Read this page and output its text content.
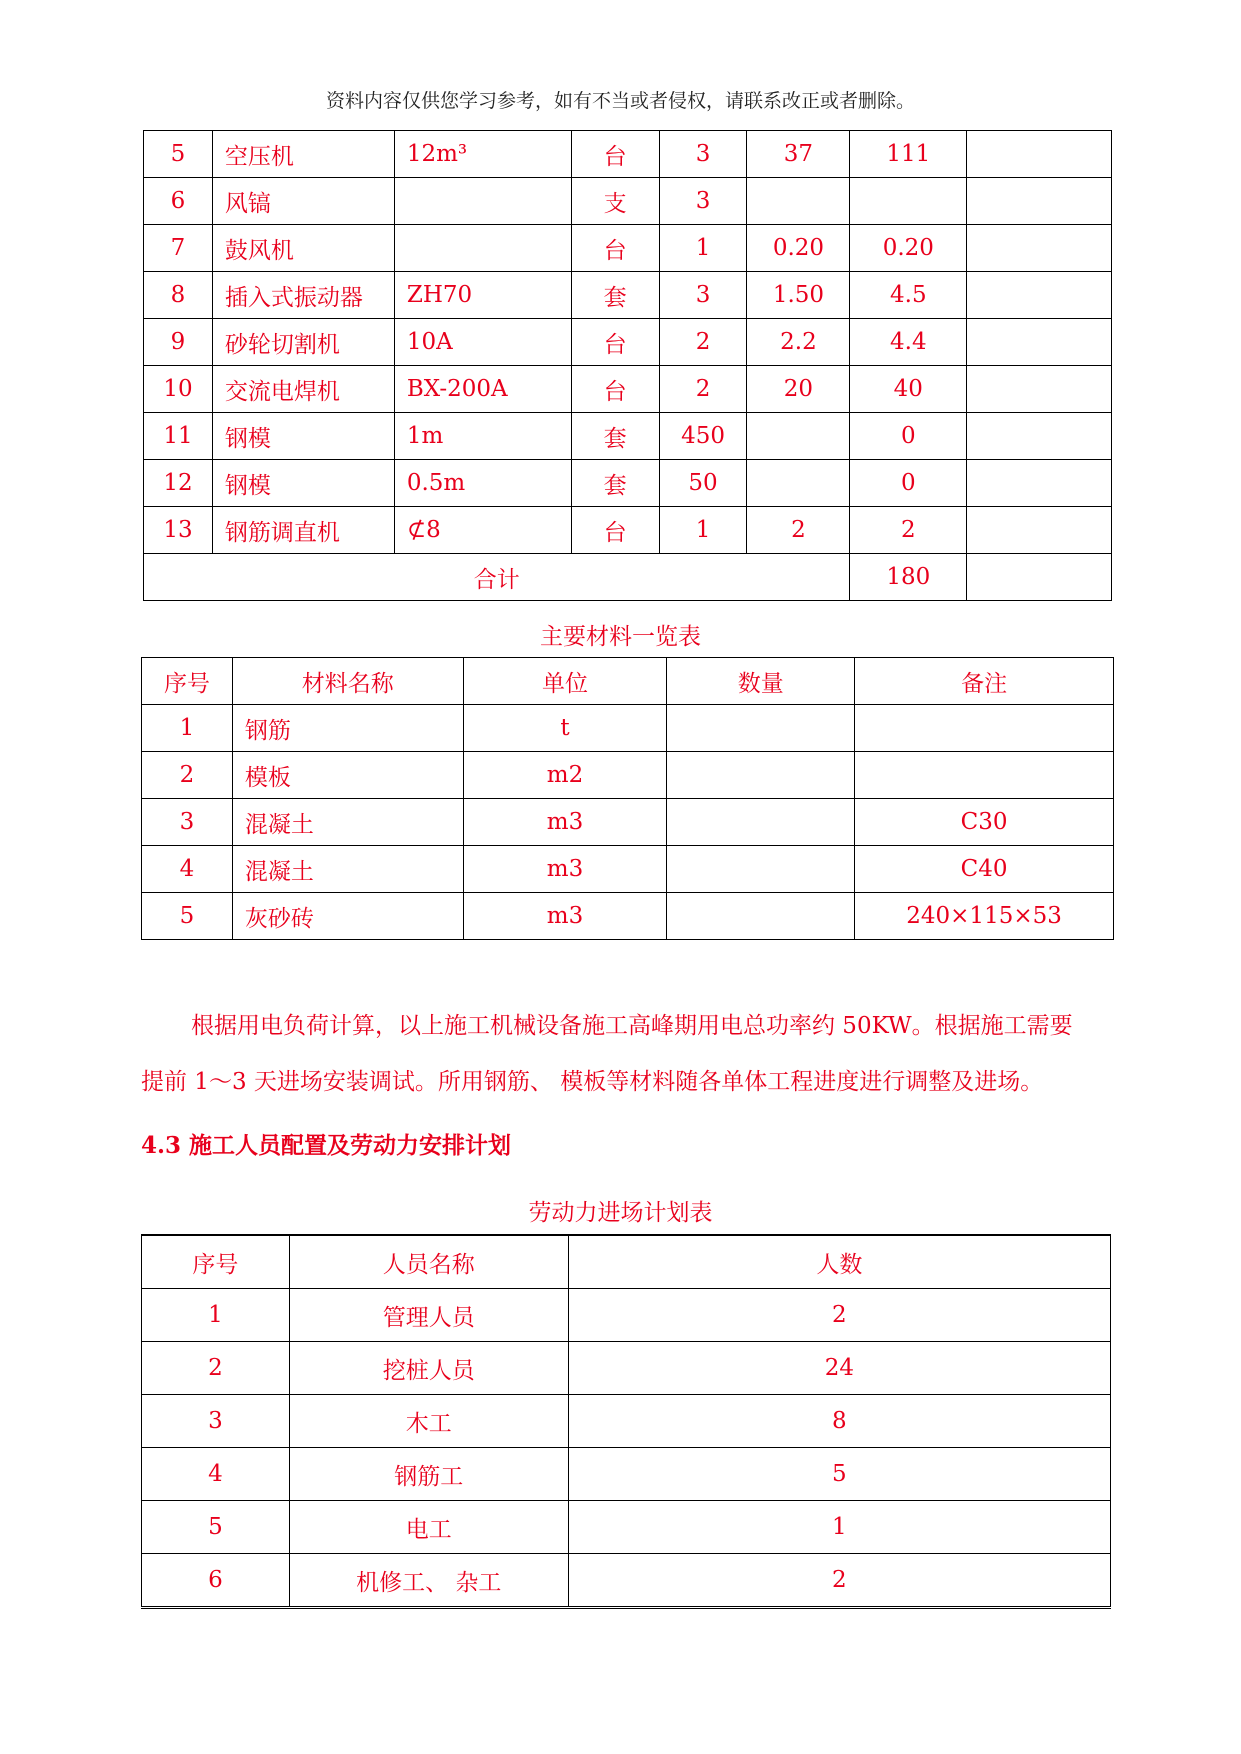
资料内容仅供您学习参考，如有不当或者侵权，请联系改正或者删除。
5	空压机	12m³	台	3	37	111	
6	风镐		支	3			
7	鼓风机		台	1	0.20	0.20	
8	插入式振动器	ZH70	套	3	1.50	4.5	
9	砂轮切割机	10A	台	2	2.2	4.4	
10	交流电焊机	BX-200A	台	2	20	40	
11	钢模	1m	套	450		0	
12	钢模	0.5m	套	50		0	
13	钢筋调直机	⊄8	台	1	2	2	
合计						180	
主要材料一览表
序号	材料名称	单位	数量	备注
1	钢筋	t		
2	模板	m2		
3	混凝土	m3		C30
4	混凝土	m3		C40
5	灰砂砖	m3		240×115×53

根据用电负荷计算，以上施工机械设备施工高峰期用电总功率约 50KW。根据施工需要

提前 1～3 天进场安装调试。所用钢筋、 模板等材料随各单体工程进度进行调整及进场。

4.3 施工人员配置及劳动力安排计划
劳动力进场计划表
序号	人员名称	人数
1	管理人员	2
2	挖桩人员	24
3	木工	8
4	钢筋工	5
5	电工	1
6	机修工、 杂工	2
